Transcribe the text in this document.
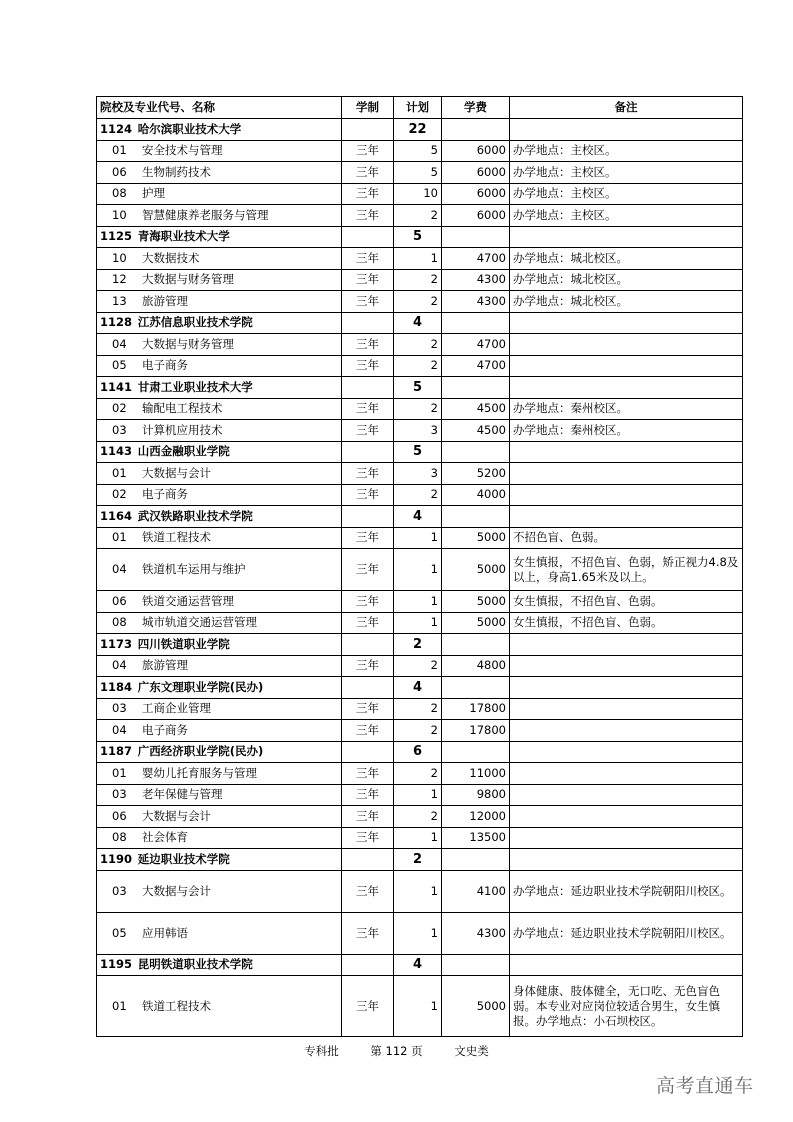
院校及专业代号、名称	学制	计划	学费	备注
1124  哈尔滨职业技术大学		22		
01 安全技术与管理	三年	5	6000	办学地点：主校区。
06 生物制药技术	三年	5	6000	办学地点：主校区。
08 护理	三年	10	6000	办学地点：主校区。
10 智慧健康养老服务与管理	三年	2	6000	办学地点：主校区。
1125  青海职业技术大学		5		
10 大数据技术	三年	1	4700	办学地点：城北校区。
12 大数据与财务管理	三年	2	4300	办学地点：城北校区。
13 旅游管理	三年	2	4300	办学地点：城北校区。
1128  江苏信息职业技术学院		4		
04 大数据与财务管理	三年	2	4700	
05 电子商务	三年	2	4700	
1141  甘肃工业职业技术大学		5		
02 输配电工程技术	三年	2	4500	办学地点：秦州校区。
03 计算机应用技术	三年	3	4500	办学地点：秦州校区。
1143  山西金融职业学院		5		
01 大数据与会计	三年	3	5200	
02 电子商务	三年	2	4000	
1164  武汉铁路职业技术学院		4		
01 铁道工程技术	三年	1	5000	不招色盲、色弱。
04 铁道机车运用与维护	三年	1	5000	女生慎报，不招色盲、色弱，矫正视力4.8及以上，身高1.65米及以上。
06 铁道交通运营管理	三年	1	5000	女生慎报，不招色盲、色弱。
08 城市轨道交通运营管理	三年	1	5000	女生慎报，不招色盲、色弱。
1173  四川铁道职业学院		2		
04 旅游管理	三年	2	4800	
1184  广东文理职业学院(民办)		4		
03 工商企业管理	三年	2	17800	
04 电子商务	三年	2	17800	
1187  广西经济职业学院(民办)		6		
01 婴幼儿托育服务与管理	三年	2	11000	
03 老年保健与管理	三年	1	9800	
06 大数据与会计	三年	2	12000	
08 社会体育	三年	1	13500	
1190  延边职业技术学院		2		
03 大数据与会计	三年	1	4100	办学地点：延边职业技术学院朝阳川校区。
05 应用韩语	三年	1	4300	办学地点：延边职业技术学院朝阳川校区。
1195  昆明铁道职业技术学院		4		
01 铁道工程技术	三年	1	5000	身体健康、肢体健全，无口吃、无色盲色弱。本专业对应岗位较适合男生，女生慎报。办学地点：小石坝校区。
专科批	第 112 页	文史类
高考直通车
